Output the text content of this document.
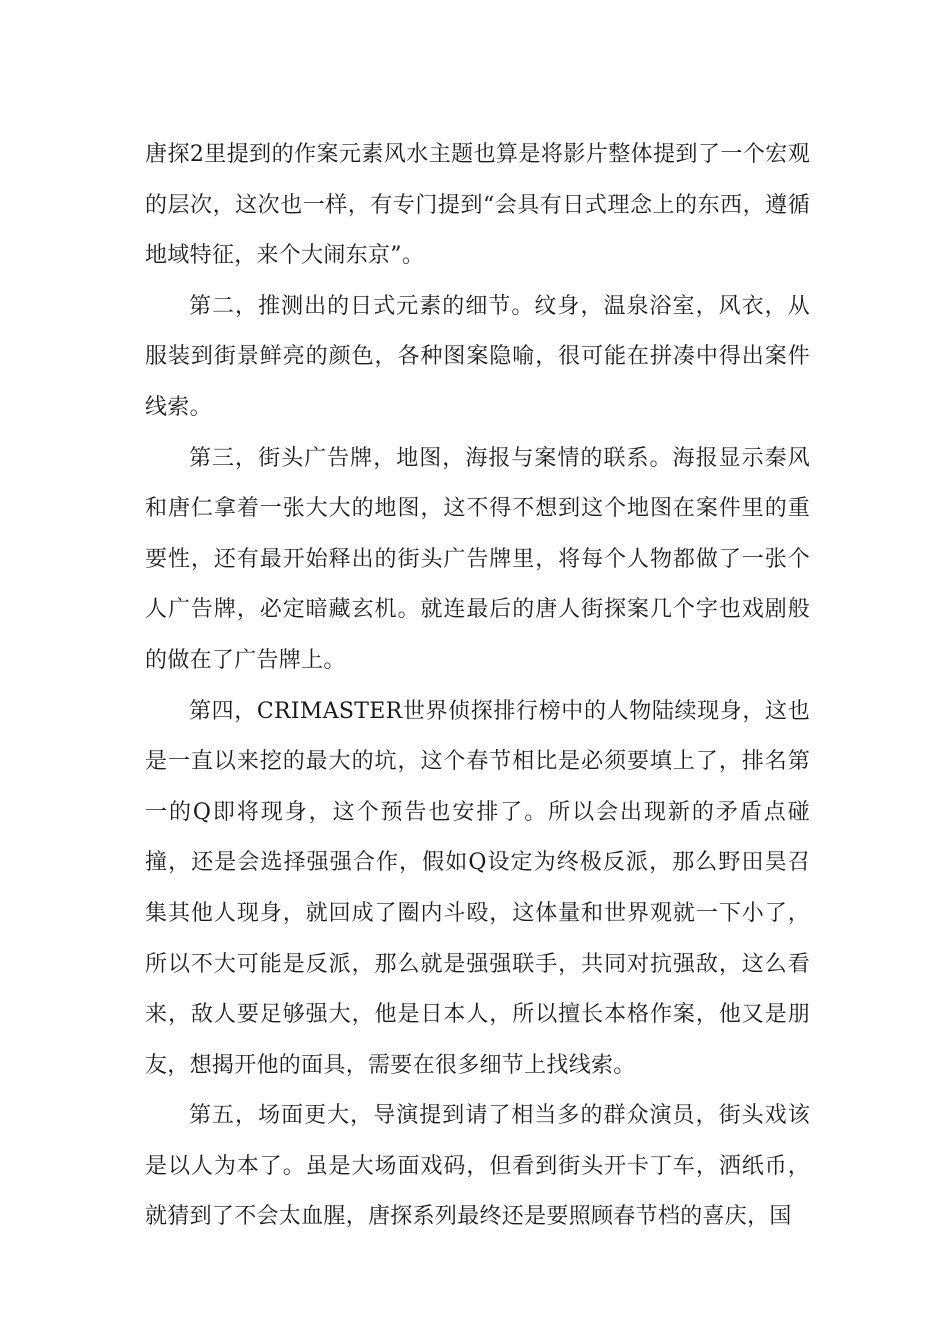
唐探2里提到的作案元素风水主题也算是将影片整体提到了一个宏观的层次，这次也一样，有专门提到“会具有日式理念上的东西，遵循地域特征，来个大闹东京”。

第二，推测出的日式元素的细节。纹身，温泉浴室，风衣，从服装到街景鲜亮的颜色，各种图案隐喻，很可能在拼凑中得出案件线索。

第三，街头广告牌，地图，海报与案情的联系。海报显示秦风和唐仁拿着一张大大的地图，这不得不想到这个地图在案件里的重要性，还有最开始释出的街头广告牌里，将每个人物都做了一张个人广告牌，必定暗藏玄机。就连最后的唐人街探案几个字也戏剧般的做在了广告牌上。

第四，CRIMASTER世界侦探排行榜中的人物陆续现身，这也是一直以来挖的最大的坑，这个春节相比是必须要填上了，排名第一的Q即将现身，这个预告也安排了。所以会出现新的矛盾点碰撞，还是会选择强强合作，假如Q设定为终极反派，那么野田昊召集其他人现身，就回成了圈内斗殴，这体量和世界观就一下小了，所以不大可能是反派，那么就是强强联手，共同对抗强敌，这么看来，敌人要足够强大，他是日本人，所以擅长本格作案，他又是朋友，想揭开他的面具，需要在很多细节上找线索。

第五，场面更大，导演提到请了相当多的群众演员，街头戏该是以人为本了。虽是大场面戏码，但看到街头开卡丁车，洒纸币，就猜到了不会太血腥，唐探系列最终还是要照顾春节档的喜庆，国
